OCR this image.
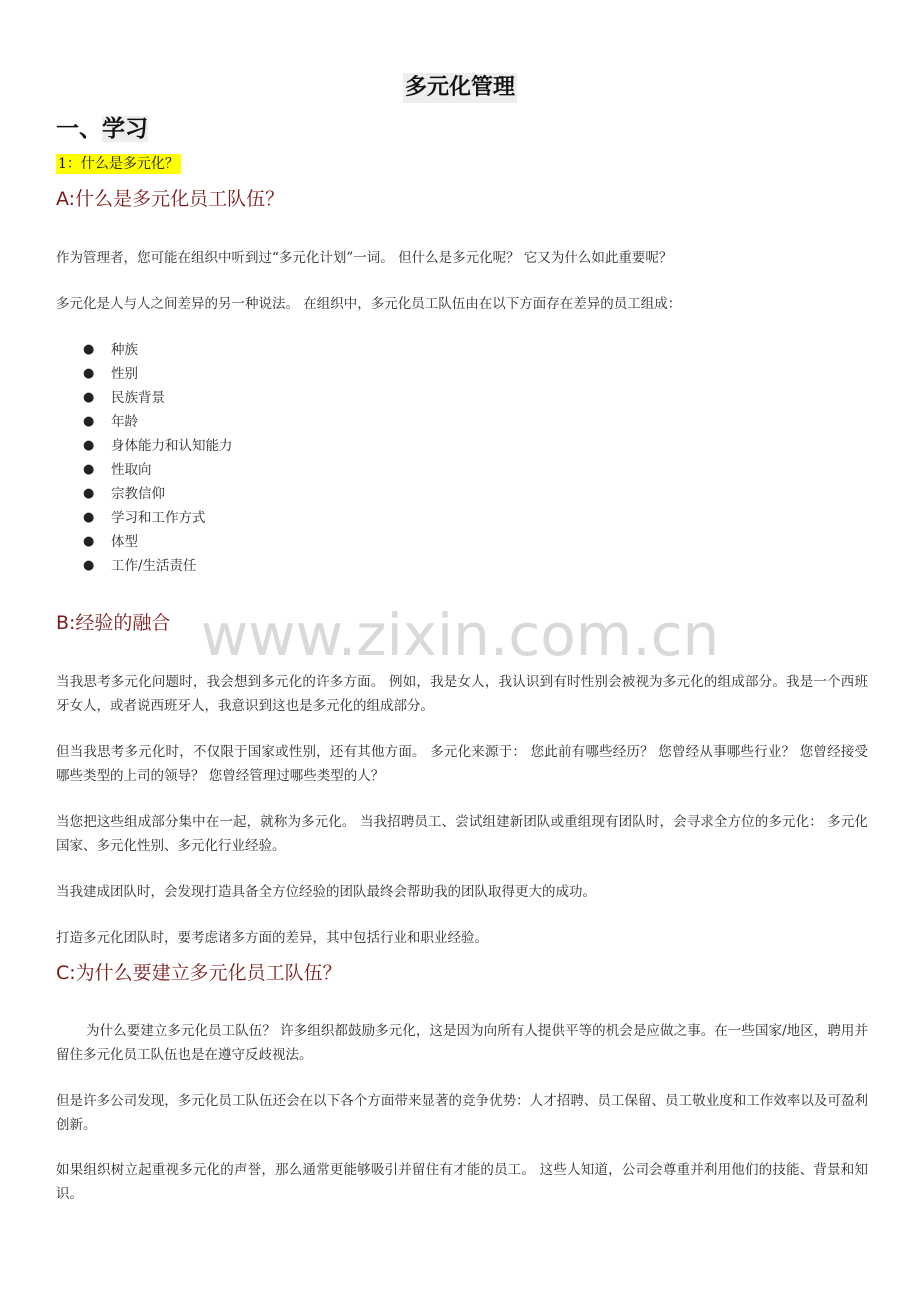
多元化管理
一、学习

1：什么是多元化？

A:什么是多元化员工队伍？

作为管理者，您可能在组织中听到过“多元化计划”一词。 但什么是多元化呢？ 它又为什么如此重要呢？

多元化是人与人之间差异的另一种说法。 在组织中，多元化员工队伍由在以下方面存在差异的员工组成：

● 种族
● 性别
● 民族背景
● 年龄
● 身体能力和认知能力
● 性取向
● 宗教信仰
● 学习和工作方式
● 体型
● 工作/生活责任
B:经验的融合

当我思考多元化问题时，我会想到多元化的许多方面。 例如，我是女人，我认识到有时性别会被视为多元化的组成部分。我是一个西班牙女人，或者说西班牙人，我意识到这也是多元化的组成部分。

但当我思考多元化时，不仅限于国家或性别，还有其他方面。 多元化来源于： 您此前有哪些经历？ 您曾经从事哪些行业？ 您曾经接受哪些类型的上司的领导？ 您曾经管理过哪些类型的人？

当您把这些组成部分集中在一起，就称为多元化。 当我招聘员工、尝试组建新团队或重组现有团队时，会寻求全方位的多元化： 多元化国家、多元化性别、多元化行业经验。

当我建成团队时，会发现打造具备全方位经验的团队最终会帮助我的团队取得更大的成功。

打造多元化团队时，要考虑诸多方面的差异，其中包括行业和职业经验。

C:为什么要建立多元化员工队伍？

为什么要建立多元化员工队伍？ 许多组织都鼓励多元化，这是因为向所有人提供平等的机会是应做之事。在一些国家/地区，聘用并留住多元化员工队伍也是在遵守反歧视法。

但是许多公司发现，多元化员工队伍还会在以下各个方面带来显著的竞争优势：人才招聘、员工保留、员工敬业度和工作效率以及可盈利创新。

如果组织树立起重视多元化的声誉，那么通常更能够吸引并留住有才能的员工。 这些人知道，公司会尊重并利用他们的技能、背景和知识。

www.zixin.com.cn
